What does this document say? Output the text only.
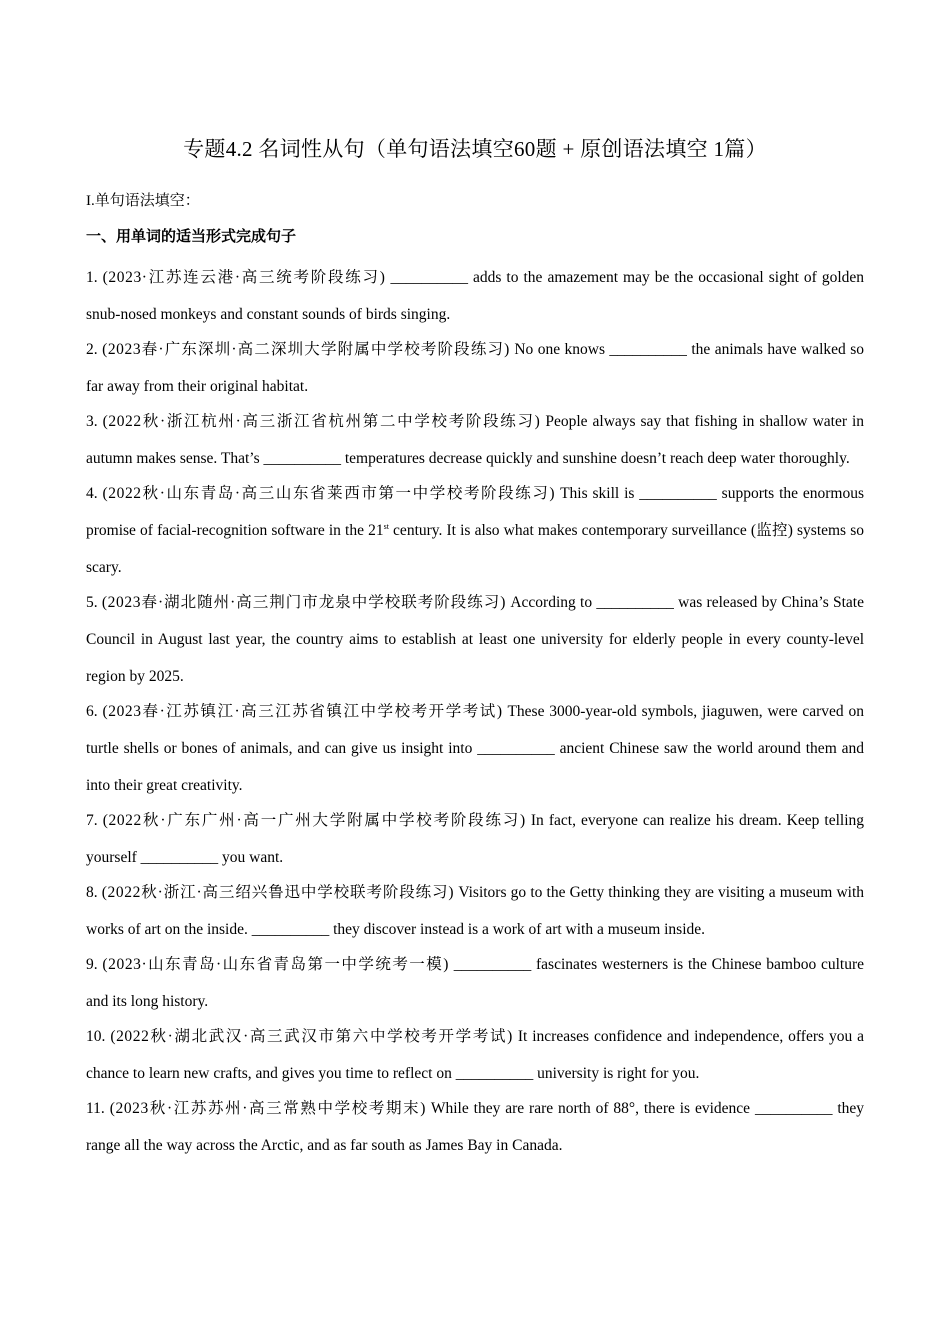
专题4.2 名词性从句（单句语法填空60题 + 原创语法填空 1篇）
I.单句语法填空：
一、用单词的适当形式完成句子

1. (2023·江苏连云港·高三统考阶段练习) __________ adds to the amazement may be the occasional sight of golden snub-nosed monkeys and constant sounds of birds singing.

2. (2023春·广东深圳·高二深圳大学附属中学校考阶段练习) No one knows __________ the animals have walked so far away from their original habitat.

3. (2022秋·浙江杭州·高三浙江省杭州第二中学校考阶段练习) People always say that fishing in shallow water in autumn makes sense. That’s __________ temperatures decrease quickly and sunshine doesn’t reach deep water thoroughly.

4. (2022秋·山东青岛·高三山东省莱西市第一中学校考阶段练习) This skill is __________ supports the enormous promise of facial-recognition software in the 21st century. It is also what makes contemporary surveillance (监控) systems so scary.

5. (2023春·湖北随州·高三荆门市龙泉中学校联考阶段练习) According to __________ was released by China’s State Council in August last year, the country aims to establish at least one university for elderly people in every county-level region by 2025.

6. (2023春·江苏镇江·高三江苏省镇江中学校考开学考试) These 3000-year-old symbols, jiaguwen, were carved on turtle shells or bones of animals, and can give us insight into __________ ancient Chinese saw the world around them and into their great creativity.

7. (2022秋·广东广州·高一广州大学附属中学校考阶段练习) In fact, everyone can realize his dream. Keep telling yourself __________ you want.

8. (2022秋·浙江·高三绍兴鲁迅中学校联考阶段练习) Visitors go to the Getty thinking they are visiting a museum with works of art on the inside. __________ they discover instead is a work of art with a museum inside.

9. (2023·山东青岛·山东省青岛第一中学统考一模) __________ fascinates westerners is the Chinese bamboo culture and its long history.

10. (2022秋·湖北武汉·高三武汉市第六中学校考开学考试) It increases confidence and independence, offers you a chance to learn new crafts, and gives you time to reflect on __________ university is right for you.

11. (2023秋·江苏苏州·高三常熟中学校考期末) While they are rare north of 88°, there is evidence __________ they range all the way across the Arctic, and as far south as James Bay in Canada.
